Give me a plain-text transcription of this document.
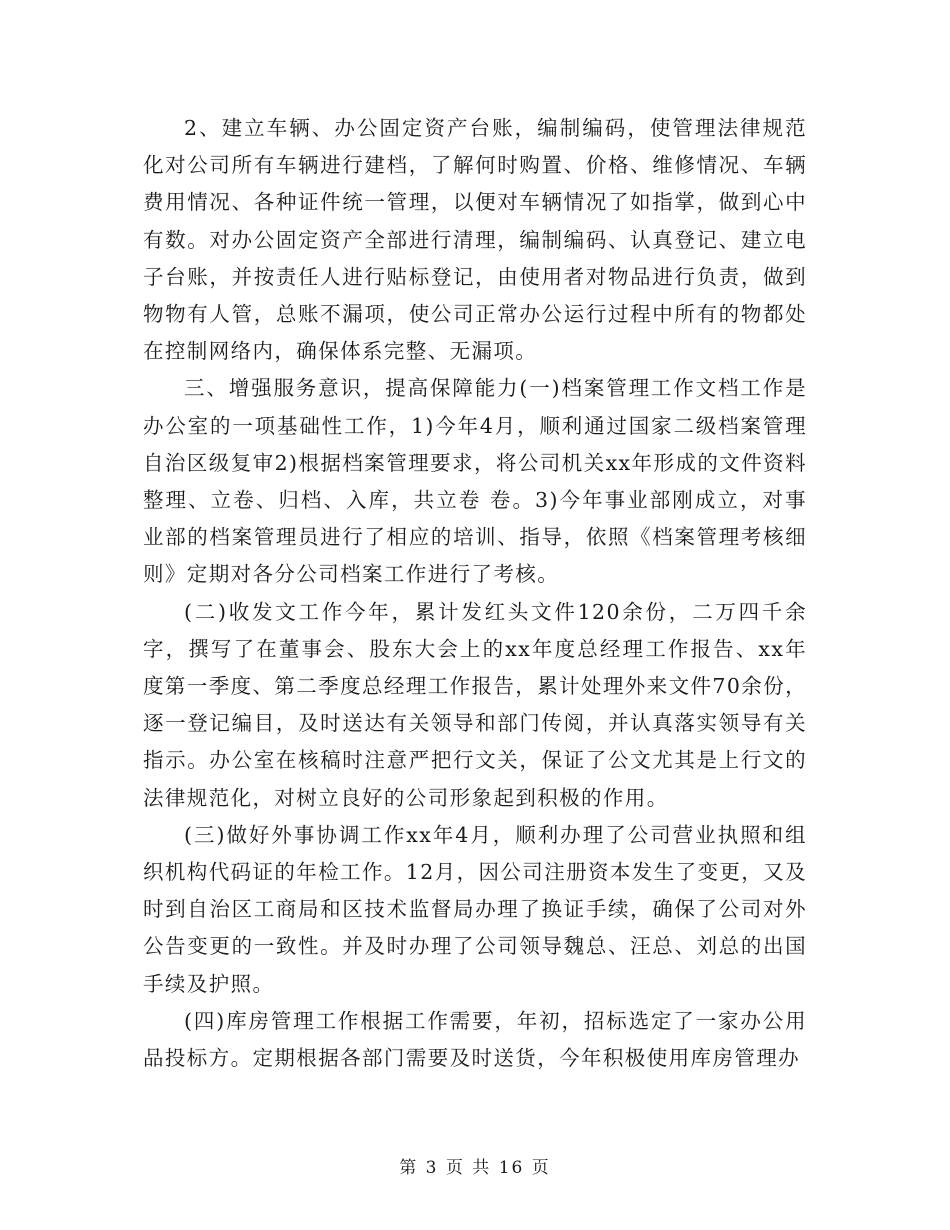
2、建立车辆、办公固定资产台账，编制编码，使管理法律规范化对公司所有车辆进行建档，了解何时购置、价格、维修情况、车辆费用情况、各种证件统一管理，以便对车辆情况了如指掌，做到心中有数。对办公固定资产全部进行清理，编制编码、认真登记、建立电子台账，并按责任人进行贴标登记，由使用者对物品进行负责，做到物物有人管，总账不漏项，使公司正常办公运行过程中所有的物都处在控制网络内，确保体系完整、无漏项。

三、增强服务意识，提高保障能力(一)档案管理工作文档工作是办公室的一项基础性工作，1)今年4月，顺利通过国家二级档案管理自治区级复审2)根据档案管理要求，将公司机关xx年形成的文件资料整理、立卷、归档、入库，共立卷 卷。3)今年事业部刚成立，对事业部的档案管理员进行了相应的培训、指导，依照《档案管理考核细则》定期对各分公司档案工作进行了考核。

(二)收发文工作今年，累计发红头文件120余份，二万四千余字，撰写了在董事会、股东大会上的xx年度总经理工作报告、xx年度第一季度、第二季度总经理工作报告，累计处理外来文件70余份，逐一登记编目，及时送达有关领导和部门传阅，并认真落实领导有关指示。办公室在核稿时注意严把行文关，保证了公文尤其是上行文的法律规范化，对树立良好的公司形象起到积极的作用。

(三)做好外事协调工作xx年4月，顺利办理了公司营业执照和组织机构代码证的年检工作。12月，因公司注册资本发生了变更，又及时到自治区工商局和区技术监督局办理了换证手续，确保了公司对外公告变更的一致性。并及时办理了公司领导魏总、汪总、刘总的出国手续及护照。

(四)库房管理工作根据工作需要，年初，招标选定了一家办公用品投标方。定期根据各部门需要及时送货，今年积极使用库房管理办

第 3 页 共 16 页
